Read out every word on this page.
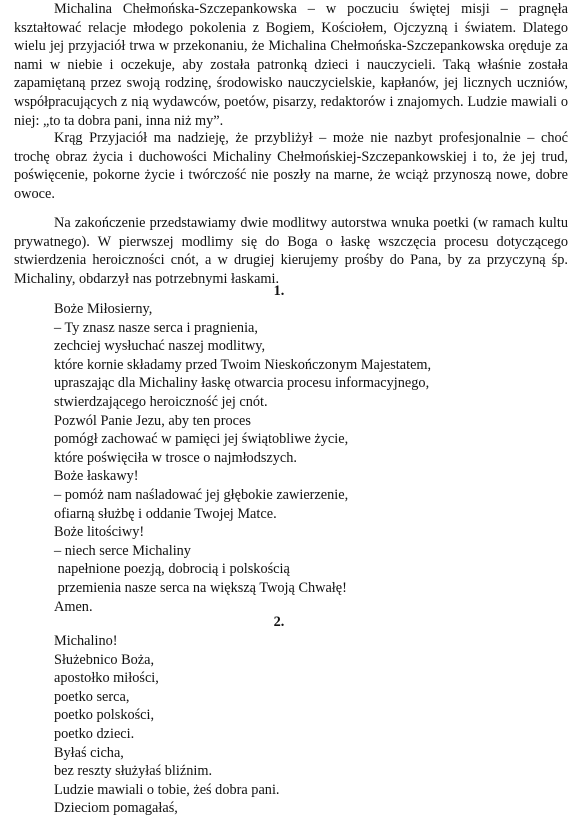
Michalina Chełmońska-Szczepankowska – w poczuciu świętej misji – pragnęła kształtować relacje młodego pokolenia z Bogiem, Kościołem, Ojczyzną i światem. Dlatego wielu jej przyjaciół trwa w przekonaniu, że Michalina Chełmońska-Szczepankowska oręduje za nami w niebie i oczekuje, aby została patronką dzieci i nauczycieli. Taką właśnie została zapamiętaną przez swoją rodzinę, środowisko nauczycielskie, kapłanów, jej licznych uczniów, współpracujących z nią wydawców, poetów, pisarzy, redaktorów i znajomych. Ludzie mawiali o niej: „to ta dobra pani, inna niż my”.

Krąg Przyjaciół ma nadzieję, że przybliżył – może nie nazbyt profesjonalnie – choć trochę obraz życia i duchowości Michaliny Chełmońskiej-Szczepankowskiej i to, że jej trud, poświęcenie, pokorne życie i twórczość nie poszły na marne, że wciąż przynoszą nowe, dobre owoce.

Na zakończenie przedstawiamy dwie modlitwy autorstwa wnuka poetki (w ramach kultu prywatnego). W pierwszej modlimy się do Boga o łaskę wszczęcia procesu dotyczącego stwierdzenia heroiczności cnót, a w drugiej kierujemy prośby do Pana, by za przyczyną śp. Michaliny, obdarzył nas potrzebnymi łaskami.

1.

Boże Miłosierny,
– Ty znasz nasze serca i pragnienia,
zechciej wysłuchać naszej modlitwy,
które kornie składamy przed Twoim Nieskończonym Majestatem,
upraszając dla Michaliny łaskę otwarcia procesu informacyjnego,
stwierdzającego heroiczność jej cnót.
Pozwól Panie Jezu, aby ten proces
pomógł zachować w pamięci jej świątobliwe życie,
które poświęciła w trosce o najmłodszych.
Boże łaskawy!
– pomóż nam naśladować jej głębokie zawierzenie,
ofiarną służbę i oddanie Twojej Matce.
Boże litościwy!
– niech serce Michaliny
napełnione poezją, dobrocią i polskością
przemienia nasze serca na większą Twoją Chwałę!
Amen.

2.

Michalino!
Służebnico Boża,
apostołko miłości,
poetko serca,
poetko polskości,
poetko dzieci.
Byłaś cicha,
bez reszty służyłaś bliźnim.
Ludzie mawiali o tobie, żeś dobra pani.
Dzieciom pomagałaś,
